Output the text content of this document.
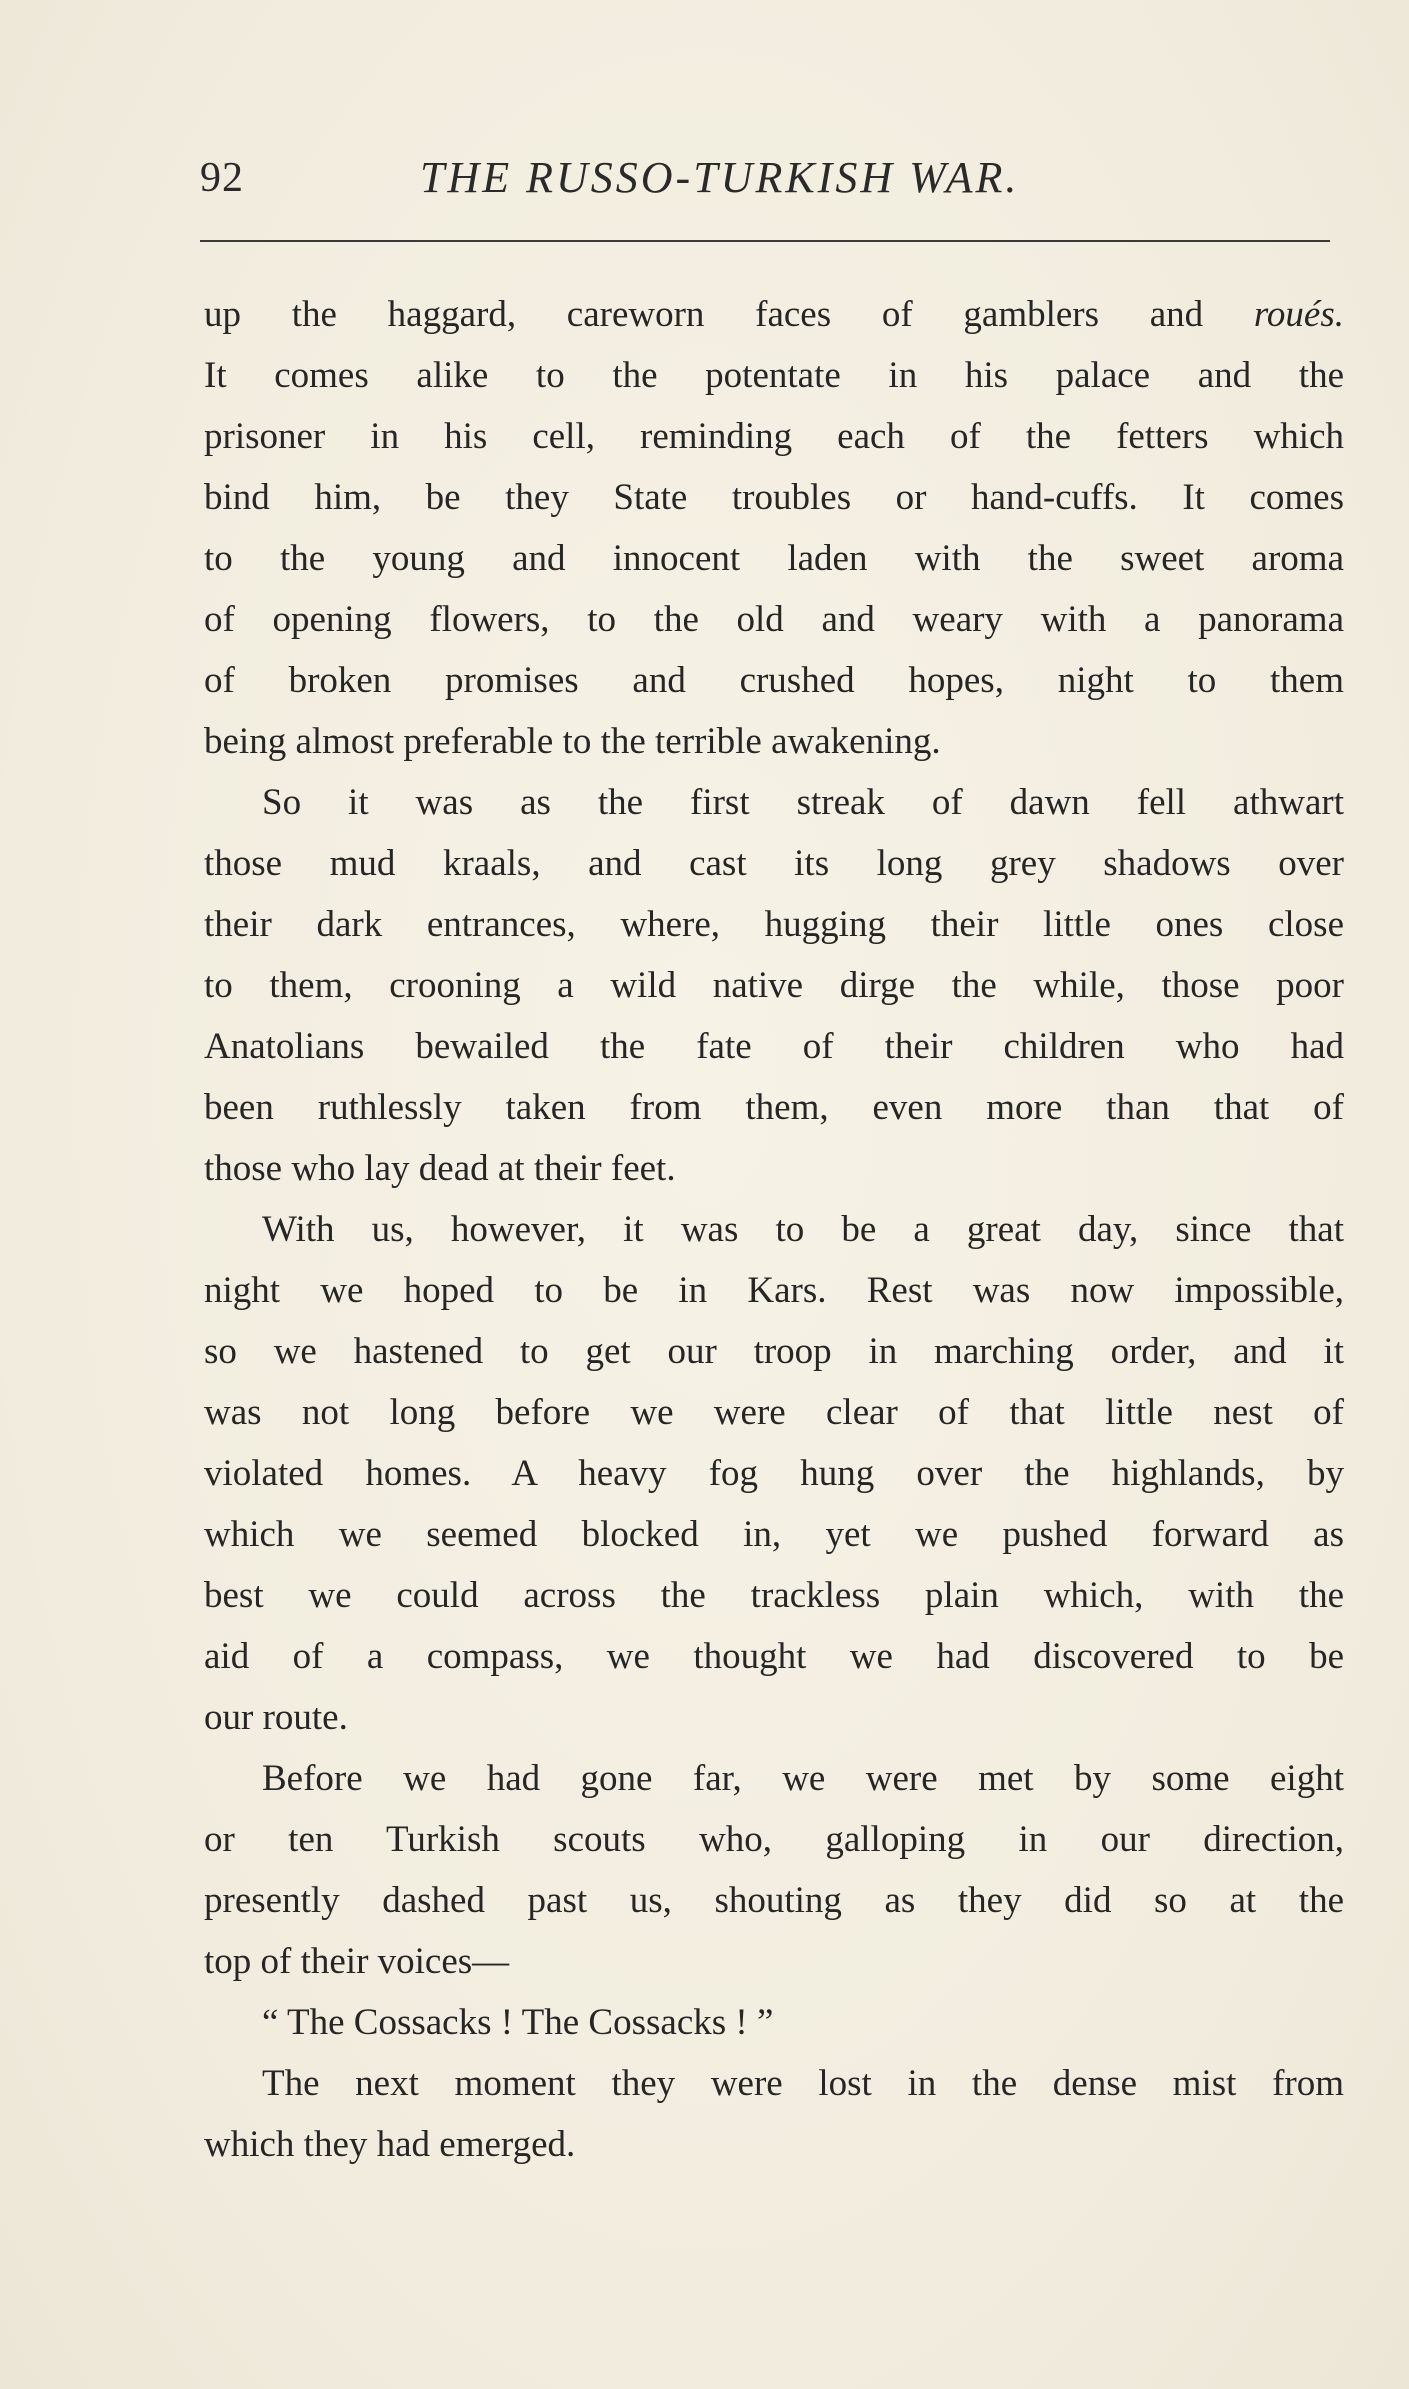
92	THE RUSSO-TURKISH WAR.

up the haggard, careworn faces of gamblers and roués.
It comes alike to the potentate in his palace and the
prisoner in his cell, reminding each of the fetters which
bind him, be they State troubles or hand-cuffs. It comes
to the young and innocent laden with the sweet aroma
of opening flowers, to the old and weary with a panorama
of broken promises and crushed hopes, night to them
being almost preferable to the terrible awakening.

So it was as the first streak of dawn fell athwart
those mud kraals, and cast its long grey shadows over
their dark entrances, where, hugging their little ones close
to them, crooning a wild native dirge the while, those poor
Anatolians bewailed the fate of their children who had
been ruthlessly taken from them, even more than that of
those who lay dead at their feet.

With us, however, it was to be a great day, since that
night we hoped to be in Kars. Rest was now impossible,
so we hastened to get our troop in marching order, and it
was not long before we were clear of that little nest of
violated homes. A heavy fog hung over the highlands, by
which we seemed blocked in, yet we pushed forward as
best we could across the trackless plain which, with the
aid of a compass, we thought we had discovered to be
our route.

Before we had gone far, we were met by some eight
or ten Turkish scouts who, galloping in our direction,
presently dashed past us, shouting as they did so at the
top of their voices—

“ The Cossacks ! The Cossacks ! ”

The next moment they were lost in the dense mist from
which they had emerged.
